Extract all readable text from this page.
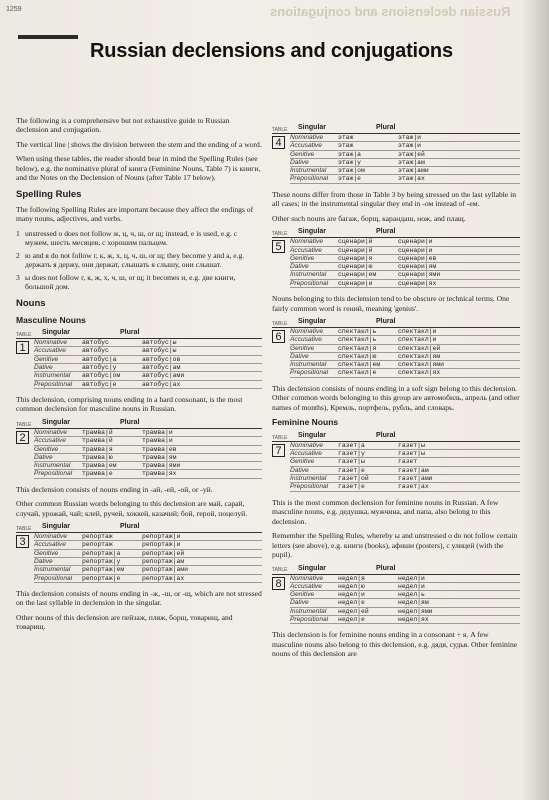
1259	Russian declensions and conjugations
Russian declensions and conjugations

The following is a comprehensive but not exhaustive guide to Russian declension and conjugation.

The vertical line | shows the division between the stem and the ending of a word.

When using these tables, the reader should bear in mind the Spelling Rules (see below), e.g. the nominative plural of книга (Feminine Nouns, Table 7) is книги, and the Notes on the Declension of Nouns (after Table 17 below).

Spelling Rules

The following Spelling Rules are important because they affect the endings of many nouns, adjectives, and verbs.

1 unstressed o does not follow ж, ц, ч, ш, or щ; instead, e is used, e.g. с мужем, шесть месяцев, с хорошим пальцем.
2 ю and я do not follow г, к, ж, х, ц, ч, ш, or щ; they become у and а, e.g. держать я держу, они держат, слышать я слышу, они слышат.
3 ы does not follow г, к, ж, х, ч, ш, or щ; it becomes и, e.g. две книги, большой дом.
Nouns
Masculine Nouns
TABLE	Singular	Plural
1	Nominative	автобус	автобус|ы
Accusative	автобус	автобус|ы
Genitive	автобус|а	автобус|ов
Dative	автобус|у	автобус|ам
Instrumental	автобус|ом	автобус|ами
Prepositional	автобус|е	автобус|ах

This declension, comprising nouns ending in a hard consonant, is the most common declension for masculine nouns in Russian.

TABLE	Singular	Plural
2	Nominative	трамва|й	трамва|и
Accusative	трамва|й	трамва|и
Genitive	трамва|я	трамва|ев
Dative	трамва|ю	трамва|ям
Instrumental	трамва|ем	трамва|ями
Prepositional	трамва|е	трамва|ях

This declension consists of nouns ending in -ай, -ей, -ой, or -уй.

Other common Russian words belonging to this declension are май, сарай, случай, урожай, чай; клей, ручей, хоккей, казачий; бой, герой, поцелуй.

TABLE	Singular	Plural
3	Nominative	репортаж	репортаж|и
Accusative	репортаж	репортаж|и
Genitive	репортаж|а	репортаж|ей
Dative	репортаж|у	репортаж|ам
Instrumental	репортаж|ем	репортаж|ами
Prepositional	репортаж|е	репортаж|ах

This declension consists of nouns ending in -ж, -ш, or -щ, which are not stressed on the last syllable in declension in the singular.

Other nouns of this declension are пейзаж, пляж, борщ, товарищ, and товарищ.

TABLE	Singular	Plural
4	Nominative	этаж	этаж|и
Accusative	этаж	этаж|и
Genitive	этаж|а	этаж|ей
Dative	этаж|у	этаж|ам
Instrumental	этаж|ом	этаж|ами
Prepositional	этаж|е	этаж|ах

These nouns differ from those in Table 3 by being stressed on the last syllable in all cases; in the instrumental singular they end in -ом instead of -ем.

Other such nouns are багаж, борщ, карандаш, нож, and плащ.

TABLE	Singular	Plural
5	Nominative	сценари|й	сценари|и
Accusative	сценари|й	сценари|и
Genitive	сценари|я	сценари|ев
Dative	сценари|ю	сценари|ям
Instrumental	сценари|ем	сценари|ями
Prepositional	сценари|и	сценари|ях

Nouns belonging to this declension tend to be obscure or technical terms. One fairly common word is гений, meaning 'genius'.

TABLE	Singular	Plural
6	Nominative	спектакл|ь	спектакл|и
Accusative	спектакл|ь	спектакл|и
Genitive	спектакл|я	спектакл|ей
Dative	спектакл|ю	спектакл|ям
Instrumental	спектакл|ем	спектакл|ями
Prepositional	спектакл|е	спектакл|ях

This declension consists of nouns ending in a soft sign belong to this declension. Other common words belonging to this group are автомобиль, апрель (and other names of months), Кремль, портфель, рубль, and словарь.

Feminine Nouns
TABLE	Singular	Plural
7	Nominative	газет|а	газет|ы
Accusative	газет|у	газет|ы
Genitive	газет|ы	газет
Dative	газет|е	газет|ам
Instrumental	газет|ой	газет|ами
Prepositional	газет|е	газет|ах

This is the most common declension for feminine nouns in Russian. A few masculine nouns, e.g. дедушка, мужчина, and папа, also belong to this declension.

Remember the Spelling Rules, whereby ы and unstressed o do not follow certain letters (see above), e.g. книги (books), афиши (posters), с улицей (with the pupil).

TABLE	Singular	Plural
8	Nominative	недел|я	недел|и
Accusative	недел|ю	недел|и
Genitive	недел|и	недел|ь
Dative	недел|е	недел|ям
Instrumental	недел|ей	недел|ями
Prepositional	недел|е	недел|ях

This declension is for feminine nouns ending in a consonant + я. A few masculine nouns also belong to this declension, e.g. дядя, судья. Other feminine nouns of this declension are
